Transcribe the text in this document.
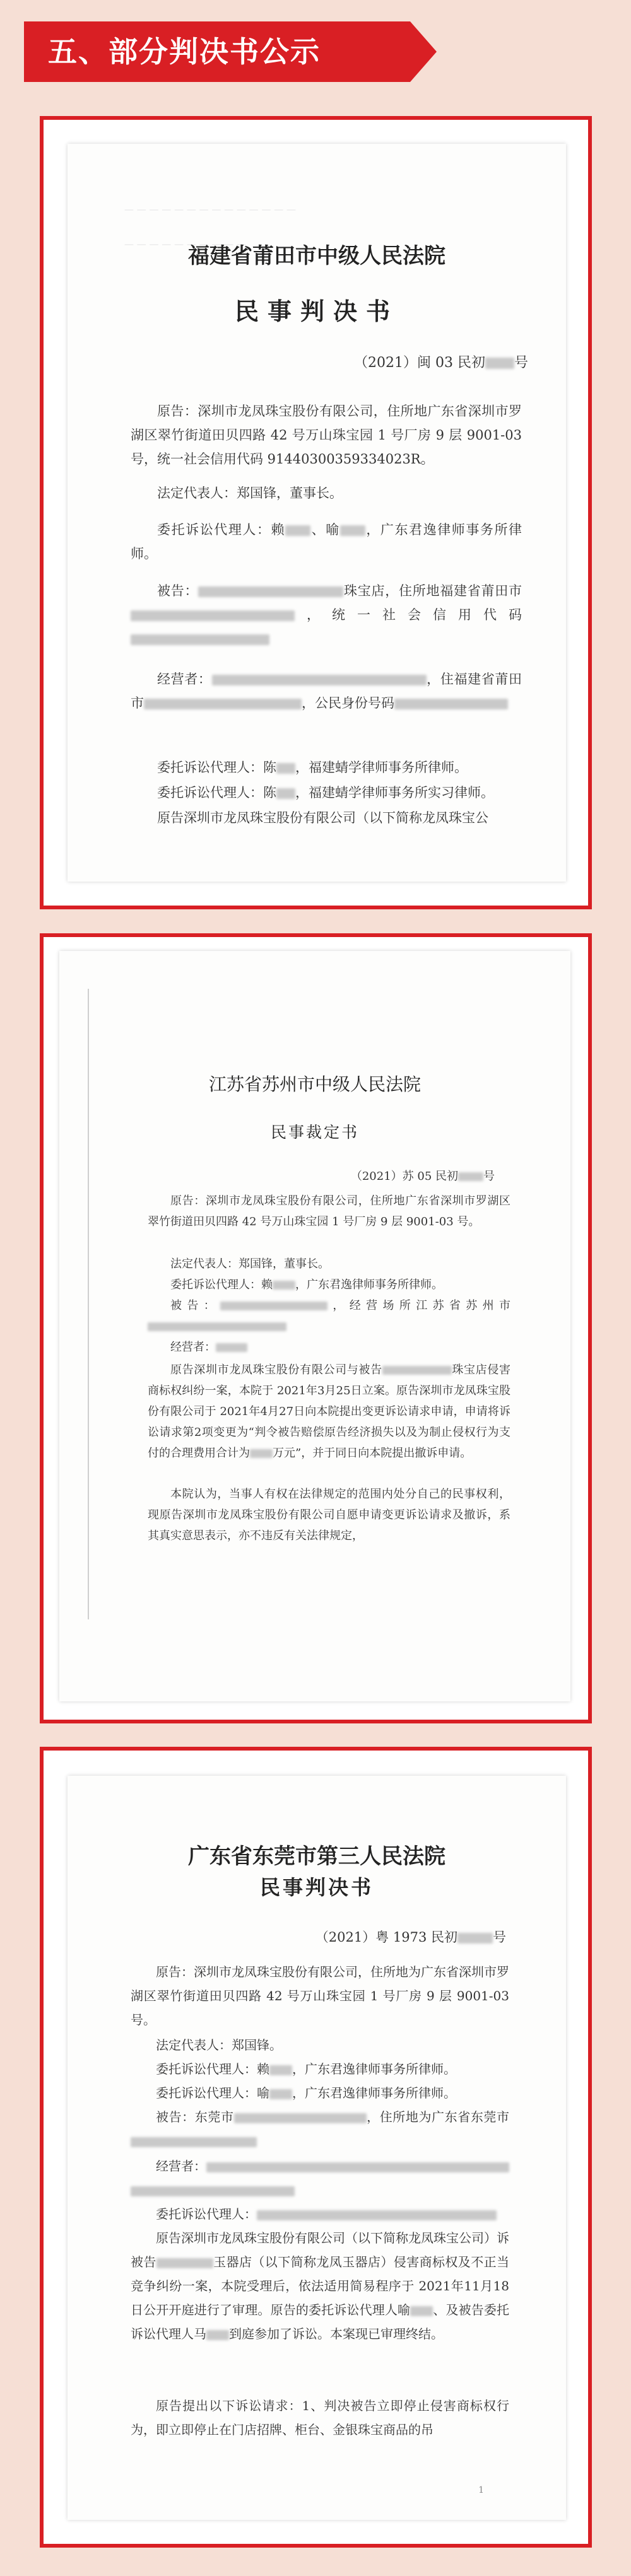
五、部分判决书公示
— — — — — — — — — — — — — —
— — — — — — — — — —
福建省莆田市中级人民法院
民事判决书
（2021）闽 03 民初 号
原告：深圳市龙凤珠宝股份有限公司，住所地广东省深圳市罗湖区翠竹街道田贝四路 42 号万山珠宝园 1 号厂房 9 层 9001-03 号，统一社会信用代码 91440300359334023R。
法定代表人：郑国锋，董事长。
委托诉讼代理人：赖 、喻 ，广东君逸律师事务所律师。
被告：	珠宝店，住所地福建省莆田市，统一社会信用代码
经营者：	，住福建省莆田市	，公民身份号码
委托诉讼代理人：陈 ，福建蜻学律师事务所律师。
委托诉讼代理人：陈 ，福建蜻学律师事务所实习律师。
原告深圳市龙凤珠宝股份有限公司（以下简称龙凤珠宝公
江苏省苏州市中级人民法院
民事裁定书
（2021）苏 05 民初 号
原告：深圳市龙凤珠宝股份有限公司，住所地广东省深圳市罗湖区翠竹街道田贝四路 42 号万山珠宝园 1 号厂房 9 层 9001-03 号。
法定代表人：郑国锋，董事长。
委托诉讼代理人：赖 ，广东君逸律师事务所律师。
被告：	，经营场所江苏省苏州市
经营者：
原告深圳市龙凤珠宝股份有限公司与被告	珠宝店侵害商标权纠纷一案，本院于 2021年3月25日立案。原告深圳市龙凤珠宝股份有限公司于 2021年4月27日向本院提出变更诉讼请求申请，申请将诉讼请求第2项变更为“判令被告赔偿原告经济损失以及为制止侵权行为支付的合理费用合计为 万元”，并于同日向本院提出撤诉申请。
本院认为，当事人有权在法律规定的范围内处分自己的民事权利，现原告深圳市龙凤珠宝股份有限公司自愿申请变更诉讼请求及撤诉，系其真实意思表示，亦不违反有关法律规定，
广东省东莞市第三人民法院
民事判决书
（2021）粤 1973 民初	号
原告：深圳市龙凤珠宝股份有限公司，住所地为广东省深圳市罗湖区翠竹街道田贝四路 42 号万山珠宝园 1 号厂房 9 层 9001-03 号。
法定代表人：郑国锋。
委托诉讼代理人：赖 ，广东君逸律师事务所律师。
委托诉讼代理人：喻 ，广东君逸律师事务所律师。
被告：东莞市	，住所地为广东省东莞市
经营者：

委托诉讼代理人：
原告深圳市龙凤珠宝股份有限公司（以下简称龙凤珠宝公司）诉被告	玉器店（以下简称龙凤玉器店）侵害商标权及不正当竞争纠纷一案，本院受理后，依法适用简易程序于 2021年11月18日公开开庭进行了审理。原告的委托诉讼代理人喻 、及被告委托诉讼代理人马 到庭参加了诉讼。本案现已审理终结。
原告提出以下诉讼请求：1、判决被告立即停止侵害商标权行为，即立即停止在门店招牌、柜台、金银珠宝商品的吊
1
